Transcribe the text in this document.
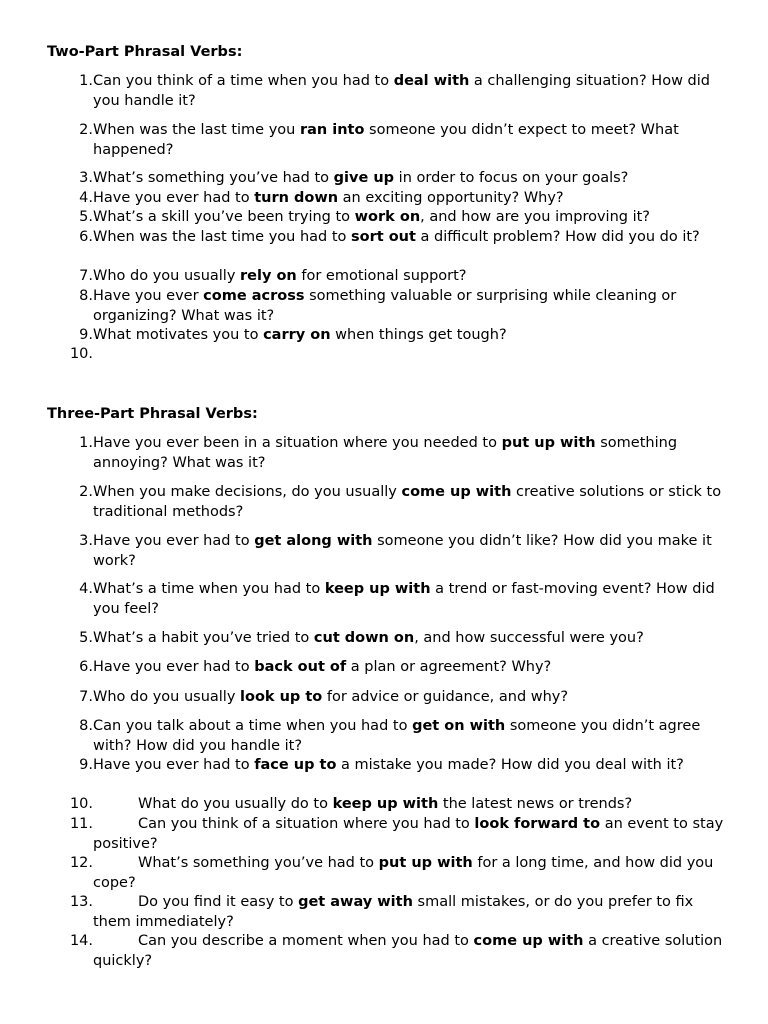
Two-Part Phrasal Verbs:

1. Can you think of a time when you had to deal with a challenging situation? How did you handle it?
2. When was the last time you ran into someone you didn’t expect to meet? What happened?
3. What’s something you’ve had to give up in order to focus on your goals?
4. Have you ever had to turn down an exciting opportunity? Why?
5. What’s a skill you’ve been trying to work on, and how are you improving it?
6. When was the last time you had to sort out a difficult problem? How did you do it?
7. Who do you usually rely on for emotional support?
8. Have you ever come across something valuable or surprising while cleaning or organizing? What was it?
9. What motivates you to carry on when things get tough?
10.

Three-Part Phrasal Verbs:

1. Have you ever been in a situation where you needed to put up with something annoying? What was it?
2. When you make decisions, do you usually come up with creative solutions or stick to traditional methods?
3. Have you ever had to get along with someone you didn’t like? How did you make it work?
4. What’s a time when you had to keep up with a trend or fast-moving event? How did you feel?
5. What’s a habit you’ve tried to cut down on, and how successful were you?
6. Have you ever had to back out of a plan or agreement? Why?
7. Who do you usually look up to for advice or guidance, and why?
8. Can you talk about a time when you had to get on with someone you didn’t agree with? How did you handle it?
9. Have you ever had to face up to a mistake you made? How did you deal with it?
10.	What do you usually do to keep up with the latest news or trends?
11.	Can you think of a situation where you had to look forward to an event to stay positive?
12.	What’s something you’ve had to put up with for a long time, and how did you cope?
13.	Do you find it easy to get away with small mistakes, or do you prefer to fix them immediately?
14.	Can you describe a moment when you had to come up with a creative solution quickly?
